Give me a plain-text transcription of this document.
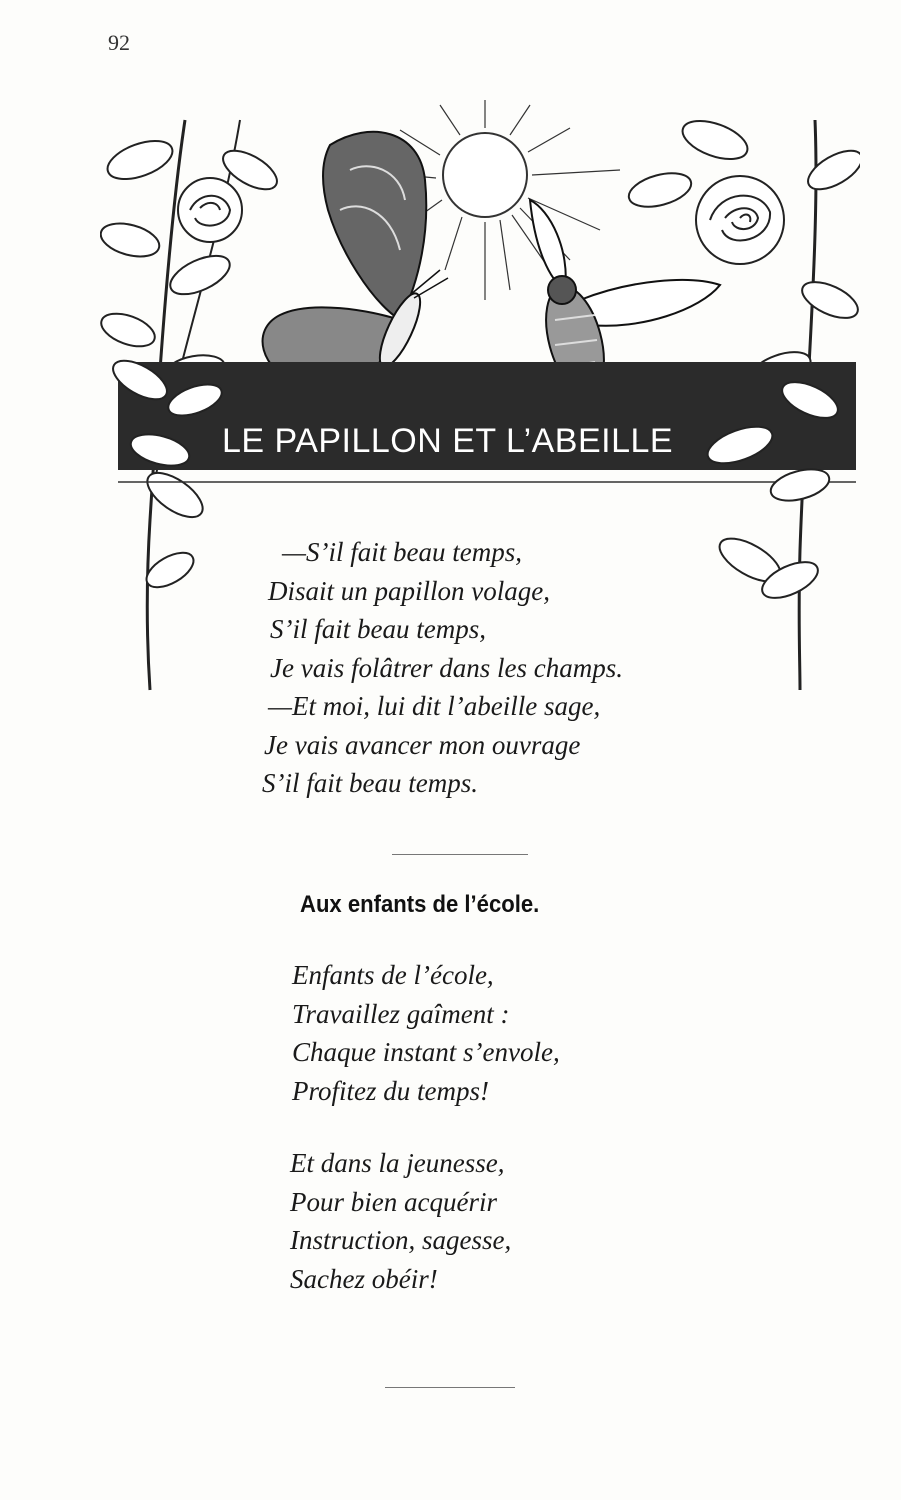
92
LE PAPILLON ET L’ABEILLE
—S’il fait beau temps,
Disait un papillon volage,
S’il fait beau temps,
Je vais folâtrer dans les champs.
—Et moi, lui dit l’abeille sage,
Je vais avancer mon ouvrage
S’il fait beau temps.
Aux enfants de l’école.
Enfants de l’école,
Travaillez gaîment :
Chaque instant s’envole,
Profitez du temps!
Et dans la jeunesse,
Pour bien acquérir
Instruction, sagesse,
Sachez obéir!
